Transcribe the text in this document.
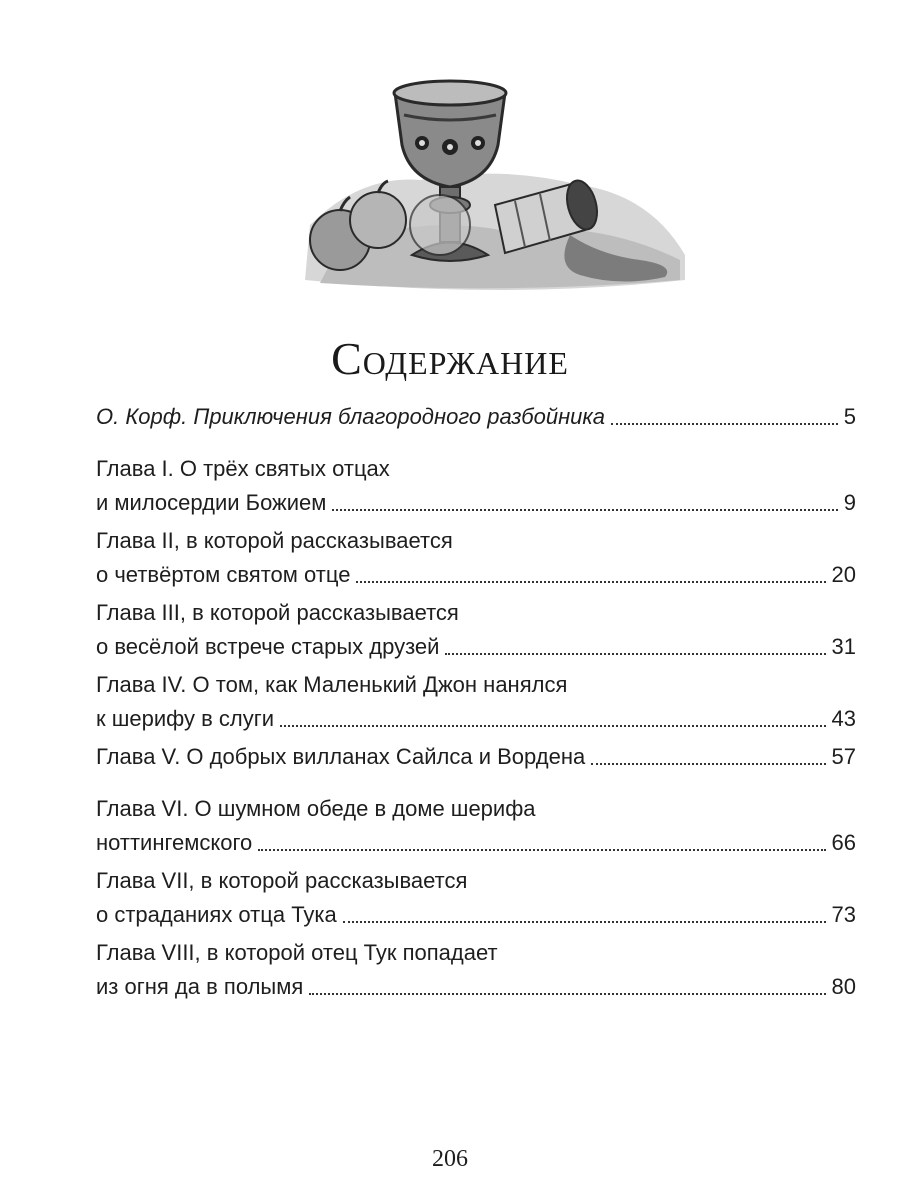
Содержание
О. Корф. Приключения благородного разбойника	5
Глава I. О трёх святых отцах
и милосердии Божием	9
Глава II, в которой рассказывается
о четвёртом святом отце	20
Глава III, в которой рассказывается
о весёлой встрече старых друзей	31
Глава IV. О том, как Маленький Джон нанялся
к шерифу в слуги	43
Глава V. О добрых вилланах Сайлса и Вордена	57
Глава VI. О шумном обеде в доме шерифа
ноттингемского	66
Глава VII, в которой рассказывается
о страданиях отца Тука	73
Глава VIII, в которой отец Тук попадает
из огня да в полымя	80
206
